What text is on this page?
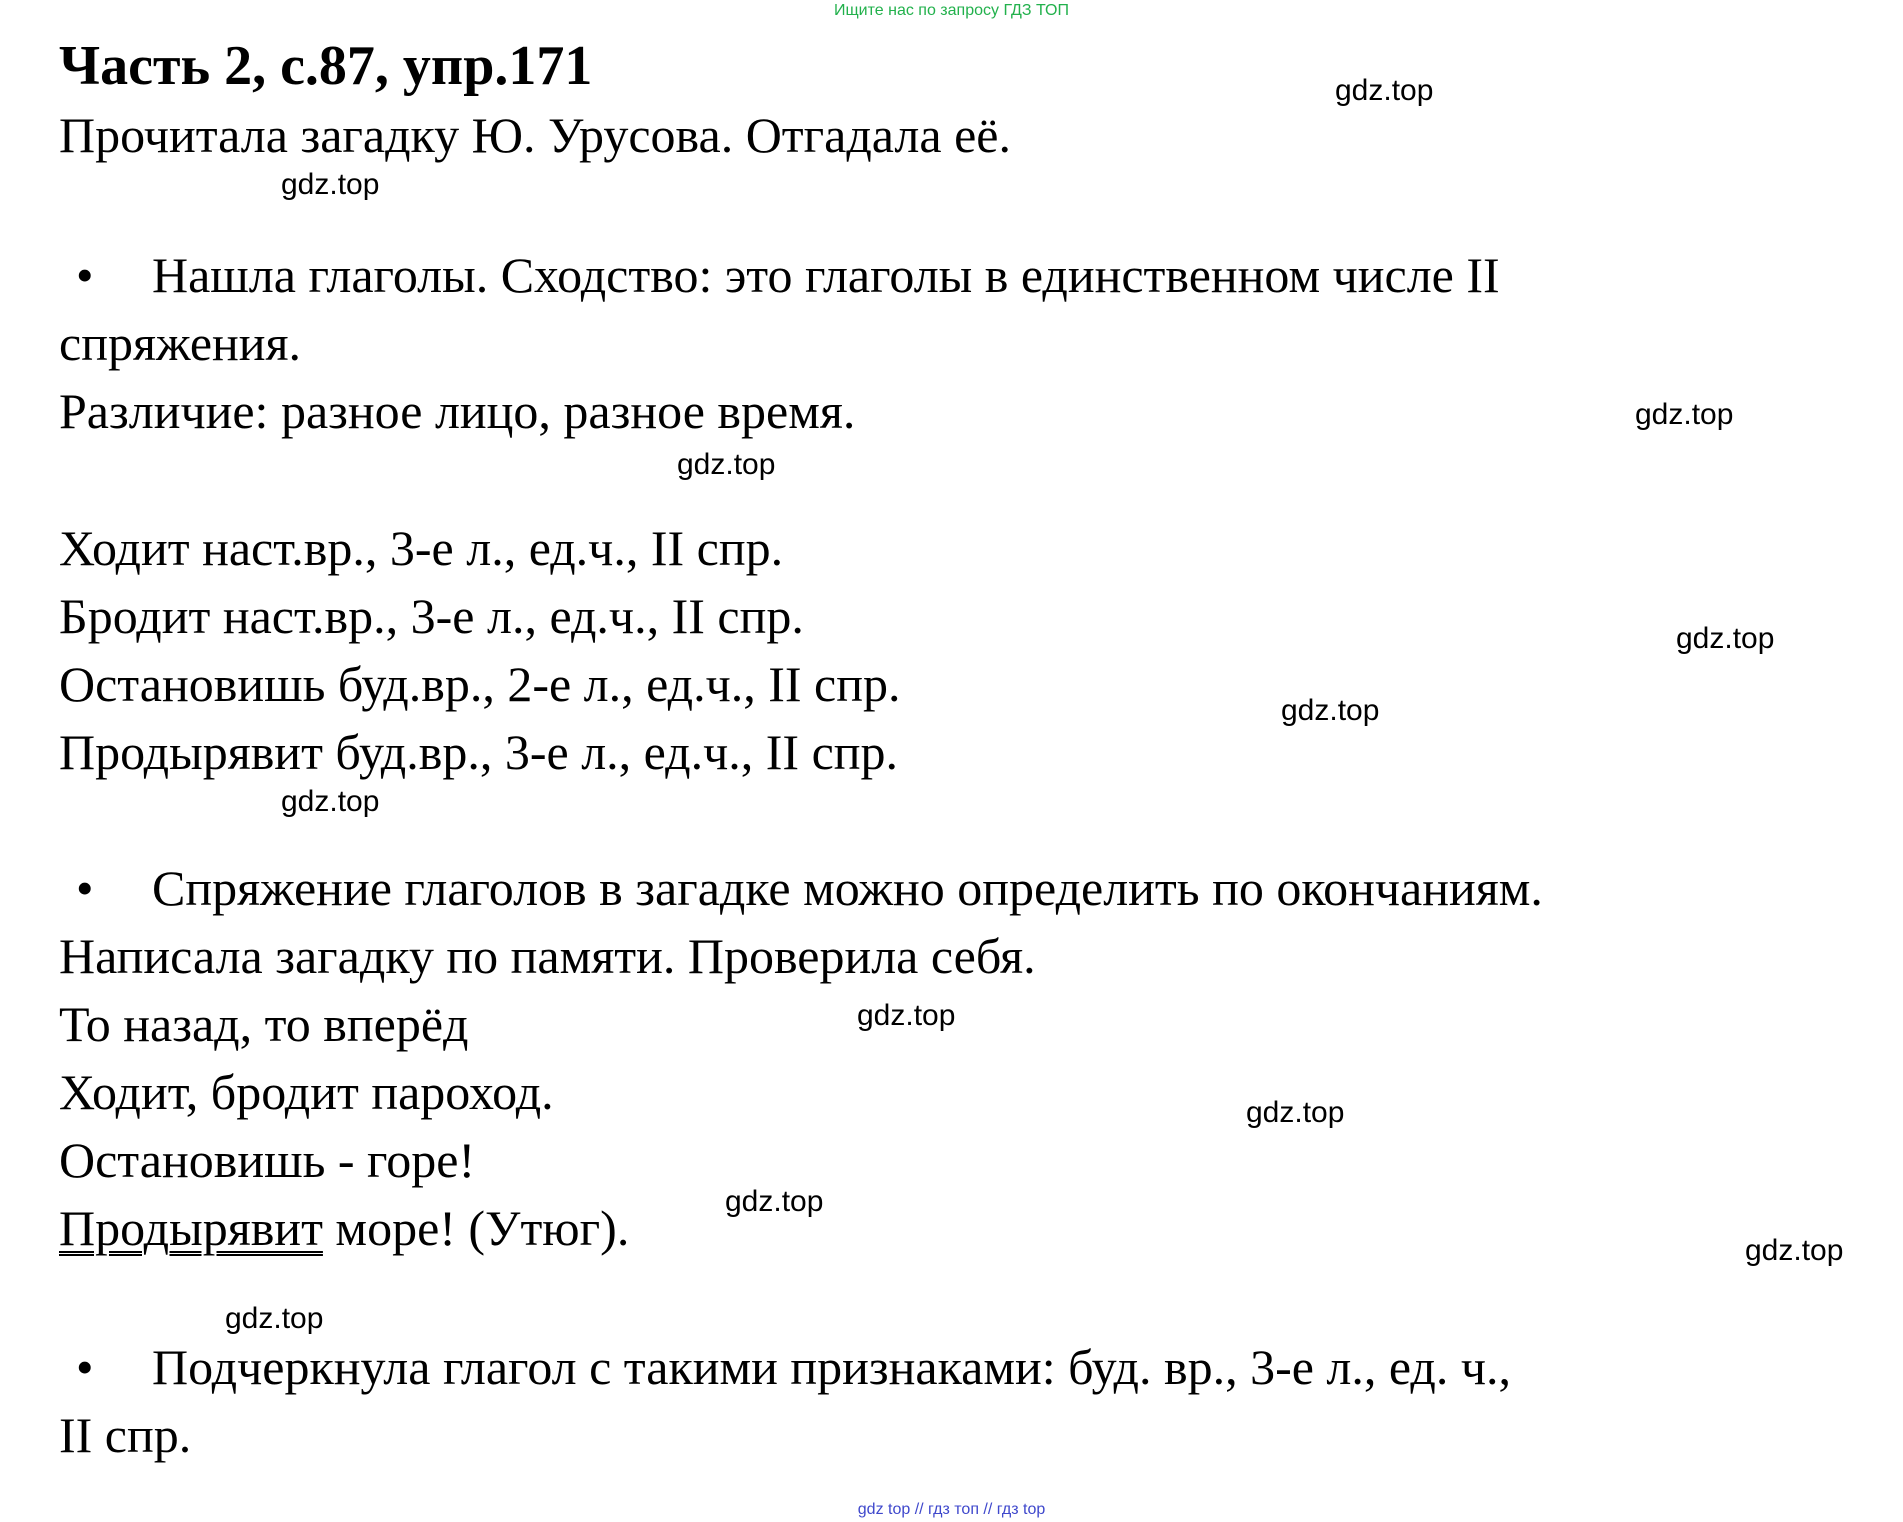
Ищите нас по запросу ГДЗ ТОП
Часть 2, с.87, упр.171
Прочитала загадку Ю. Урусова. Отгадала её.
• Нашла глаголы. Сходство: это глаголы в единственном числе II
спряжения.
Различие: разное лицо, разное время.
Ходит наст.вр., 3-е л., ед.ч., II спр.
Бродит наст.вр., 3-е л., ед.ч., II спр.
Остановишь буд.вр., 2-е л., ед.ч., II спр.
Продырявит буд.вр., 3-е л., ед.ч., II спр.
• Спряжение глаголов в загадке можно определить по окончаниям.
Написала загадку по памяти. Проверила себя.
То назад, то вперёд
Ходит, бродит пароход.
Остановишь - горе!
Продырявит море! (Утюг).
• Подчеркнула глагол с такими признаками: буд. вр., 3-е л., ед. ч.,
II спр.
gdz.top
gdz.top
gdz.top
gdz.top
gdz.top
gdz.top
gdz.top
gdz.top
gdz.top
gdz.top
gdz.top
gdz.top
gdz top // гдз топ // гдз top
